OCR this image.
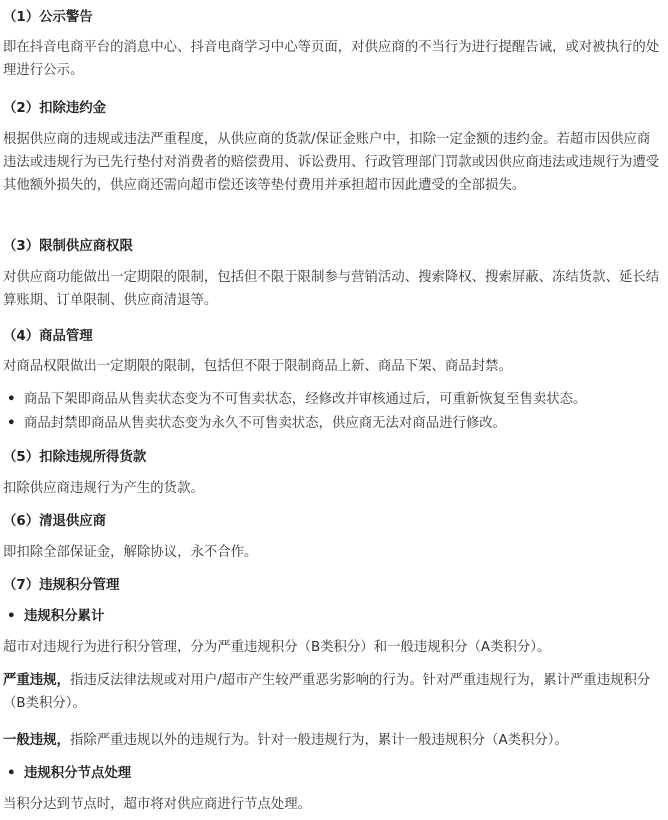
（1）公示警告
即在抖音电商平台的消息中心、抖音电商学习中心等页面，对供应商的不当行为进行提醒告诫，或对被执行的处理进行公示。
（2）扣除违约金
根据供应商的违规或违法严重程度，从供应商的货款/保证金账户中，扣除一定金额的违约金。若超市因供应商违法或违规行为已先行垫付对消费者的赔偿费用、诉讼费用、行政管理部门罚款或因供应商违法或违规行为遭受其他额外损失的，供应商还需向超市偿还该等垫付费用并承担超市因此遭受的全部损失。
（3）限制供应商权限
对供应商功能做出一定期限的限制，包括但不限于限制参与营销活动、搜索降权、搜索屏蔽、冻结货款、延长结算账期、订单限制、供应商清退等。
（4）商品管理
对商品权限做出一定期限的限制，包括但不限于限制商品上新、商品下架、商品封禁。
• 商品下架即商品从售卖状态变为不可售卖状态，经修改并审核通过后，可重新恢复至售卖状态。
• 商品封禁即商品从售卖状态变为永久不可售卖状态，供应商无法对商品进行修改。
（5）扣除违规所得货款
扣除供应商违规行为产生的货款。
（6）清退供应商
即扣除全部保证金，解除协议，永不合作。
（7）违规积分管理
• 违规积分累计
超市对违规行为进行积分管理，分为严重违规积分（B类积分）和一般违规积分（A类积分）。
严重违规，指违反法律法规或对用户/超市产生较严重恶劣影响的行为。针对严重违规行为，累计严重违规积分（B类积分）。
一般违规，指除严重违规以外的违规行为。针对一般违规行为，累计一般违规积分（A类积分）。
• 违规积分节点处理
当积分达到节点时，超市将对供应商进行节点处理。
